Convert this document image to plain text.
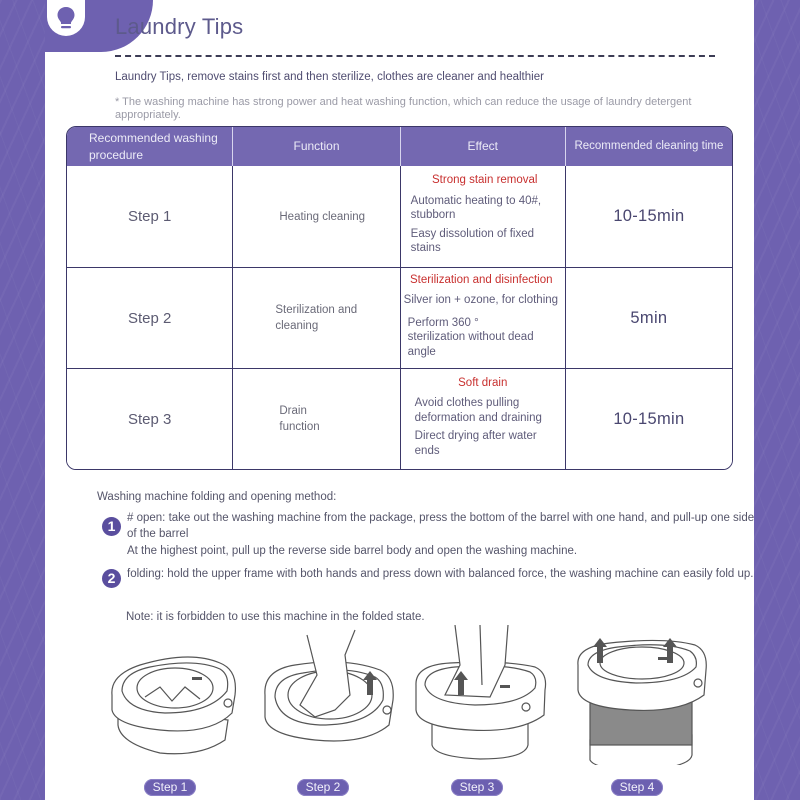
Laundry Tips
Laundry Tips, remove stains first and then sterilize, clothes are cleaner and healthier
* The washing machine has strong power and heat washing function, which can reduce the usage of laundry detergent appropriately.
Recommended washing procedure	Function	Effect	Recommended cleaning time
Step 1	Heating cleaning	Strong stain removal
Automatic heating to 40#, stubborn
Easy dissolution of fixed stains	10-15min
Step 2	Sterilization and cleaning	Sterilization and disinfection
Silver ion + ozone, for clothing
Perform 360 ° sterilization without dead angle	5min
Step 3	Drain function	Soft drain
Avoid clothes pulling deformation and draining
Direct drying after water ends	10-15min
Washing machine folding and opening method:
1	# open: take out the washing machine from the package, press the bottom of the barrel with one hand, and pull-up one side of the barrel
At the highest point, pull up the reverse side barrel body and open the washing machine.
2	folding: hold the upper frame with both hands and press down with balanced force, the washing machine can easily fold up.
Note: it is forbidden to use this machine in the folded state.
Step 1	Step 2	Step 3	Step 4
